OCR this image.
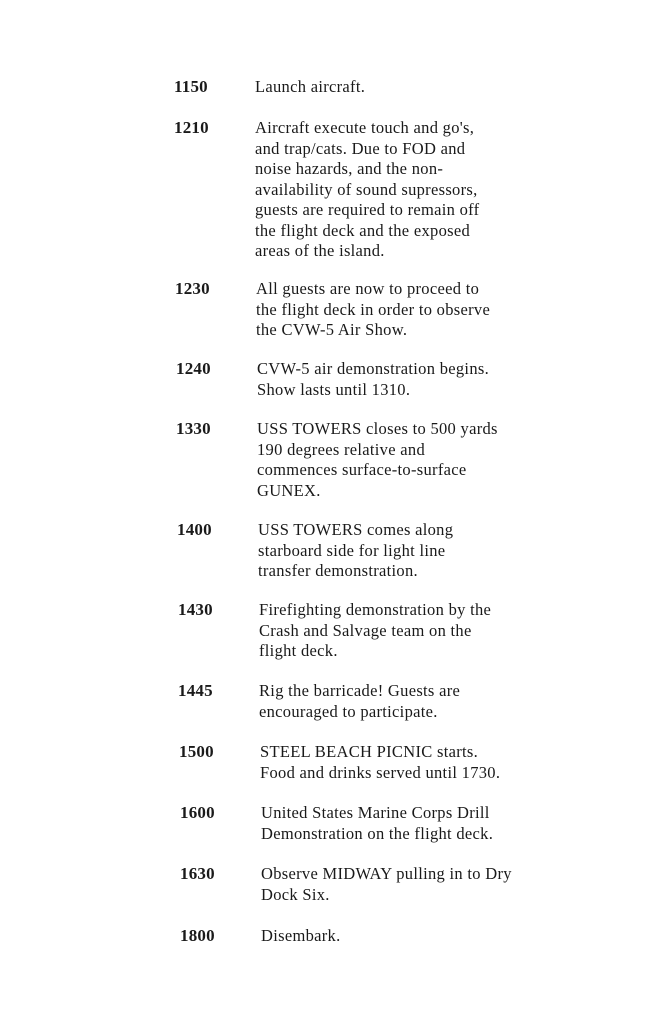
1150	Launch aircraft.
1210	Aircraft execute touch and go's,
and trap/cats. Due to FOD and
noise hazards, and the non-
availability of sound supressors,
guests are required to remain off
the flight deck and the exposed
areas of the island.
1230	All guests are now to proceed to
the flight deck in order to observe
the CVW-5 Air Show.
1240	CVW-5 air demonstration begins.
Show lasts until 1310.
1330	USS TOWERS closes to 500 yards
190 degrees relative and
commences surface-to-surface
GUNEX.
1400	USS TOWERS comes along
starboard side for light line
transfer demonstration.
1430	Firefighting demonstration by the
Crash and Salvage team on the
flight deck.
1445	Rig the barricade! Guests are
encouraged to participate.
1500	STEEL BEACH PICNIC starts.
Food and drinks served until 1730.
1600	United States Marine Corps Drill
Demonstration on the flight deck.
1630	Observe MIDWAY pulling in to Dry
Dock Six.
1800	Disembark.
